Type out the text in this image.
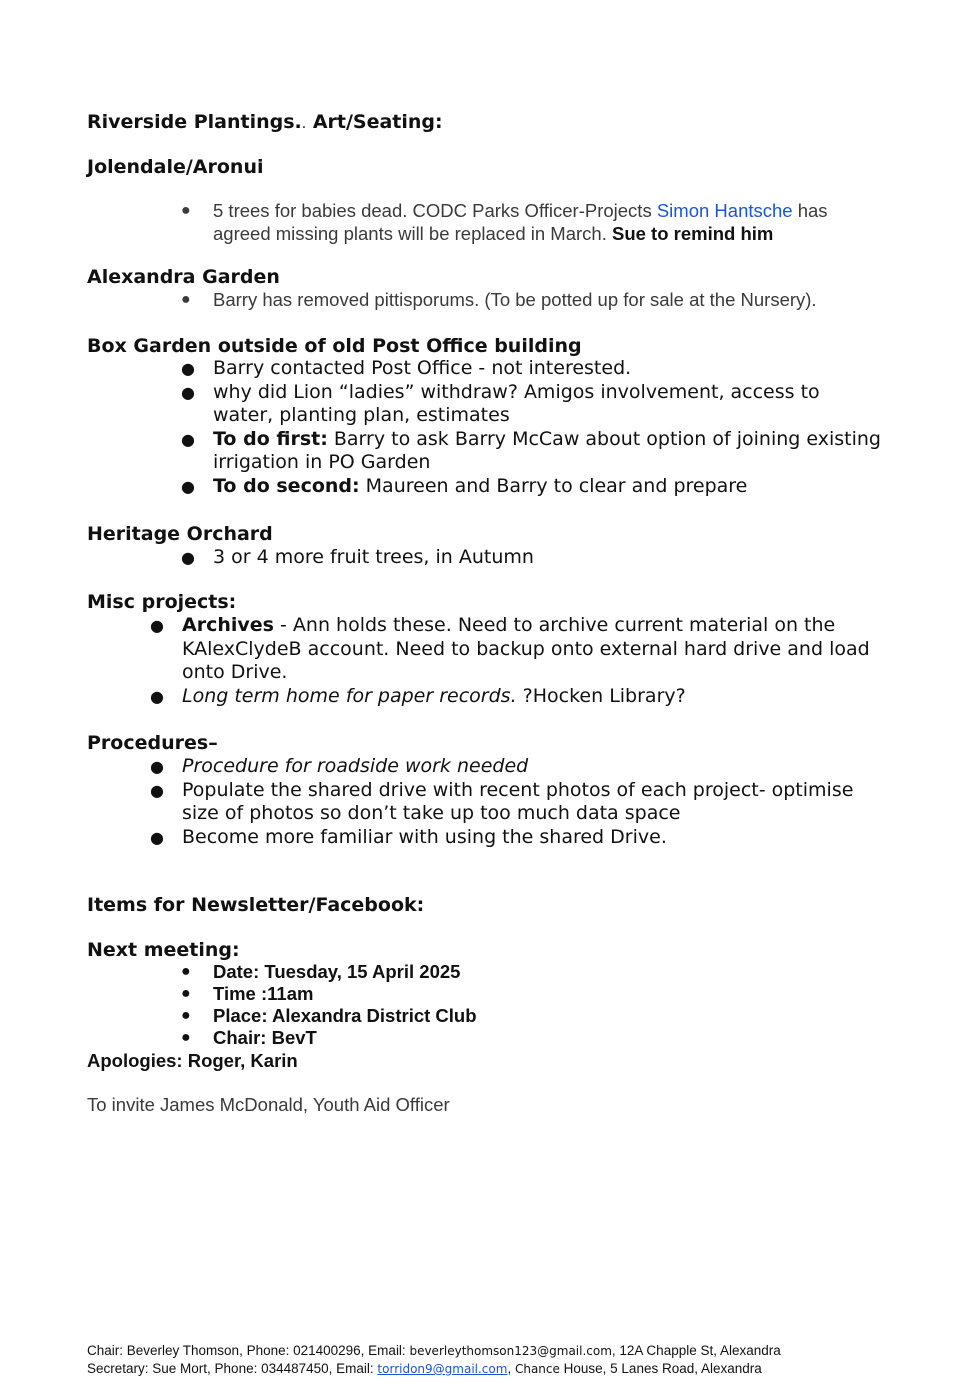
Riverside Plantings.. Art/Seating:
Jolendale/Aronui
● 5 trees for babies dead. CODC Parks Officer-Projects Simon Hantsche has agreed missing plants will be replaced in March. Sue to remind him
Alexandra Garden
● Barry has removed pittisporums. (To be potted up for sale at the Nursery).
Box Garden outside of old Post Office building
● Barry contacted Post Office - not interested.
● why did Lion “ladies” withdraw? Amigos involvement, access to water, planting plan, estimates
● To do first: Barry to ask Barry McCaw about option of joining existing irrigation in PO Garden
● To do second: Maureen and Barry to clear and prepare
Heritage Orchard
● 3 or 4 more fruit trees, in Autumn
Misc projects:
● Archives - Ann holds these. Need to archive current material on the KAlexClydeB account. Need to backup onto external hard drive and load onto Drive.
● Long term home for paper records. ?Hocken Library?
Procedures–
● Procedure for roadside work needed
● Populate the shared drive with recent photos of each project- optimise size of photos so don’t take up too much data space
● Become more familiar with using the shared Drive.
Items for Newsletter/Facebook:
Next meeting:
● Date: Tuesday, 15 April 2025
● Time :11am
● Place: Alexandra District Club
● Chair: BevT
Apologies: Roger, Karin
To invite James McDonald, Youth Aid Officer
Chair: Beverley Thomson, Phone: 021400296, Email: beverleythomson123@gmail.com, 12A Chapple St, Alexandra
Secretary: Sue Mort, Phone: 034487450, Email: torridon9@gmail.com, Chance House, 5 Lanes Road, Alexandra
